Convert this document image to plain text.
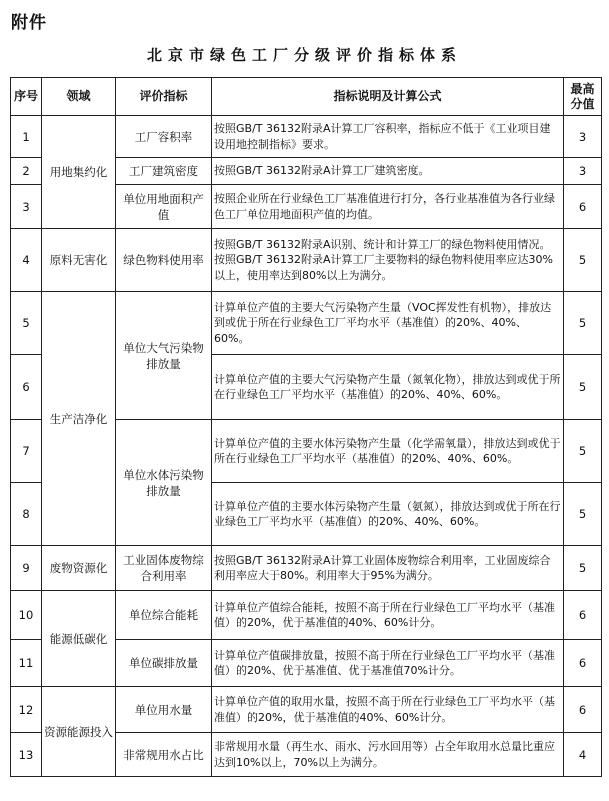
附件
北京市绿色工厂分级评价指标体系
序号	领域	评价指标	指标说明及计算公式	最高分值
1	用地集约化	工厂容积率	按照GB/T 36132附录A计算工厂容积率，指标应不低于《工业项目建设用地控制指标》要求。	3
2		工厂建筑密度	按照GB/T 36132附录A计算工厂建筑密度。	3
3		单位用地面积产值	按照企业所在行业绿色工厂基准值进行打分，各行业基准值为各行业绿色工厂单位用地面积产值的均值。	6
4	原料无害化	绿色物料使用率	按照GB/T 36132附录A识别、统计和计算工厂的绿色物料使用情况。按照GB/T 36132附录A计算工厂主要物料的绿色物料使用率应达30%以上，使用率达到80%以上为满分。	5
5	生产洁净化	单位大气污染物排放量	计算单位产值的主要大气污染物产生量（VOC挥发性有机物），排放达到或优于所在行业绿色工厂平均水平（基准值）的20%、40%、60%。	5
6			计算单位产值的主要大气污染物产生量（氮氧化物），排放达到或优于所在行业绿色工厂平均水平（基准值）的20%、40%、60%。	5
7		单位水体污染物排放量	计算单位产值的主要水体污染物产生量（化学需氧量），排放达到或优于所在行业绿色工厂平均水平（基准值）的20%、40%、60%。	5
8			计算单位产值的主要水体污染物产生量（氨氮），排放达到或优于所在行业绿色工厂平均水平（基准值）的20%、40%、60%。	5
9	废物资源化	工业固体废物综合利用率	按照GB/T 36132附录A计算工业固体废物综合利用率，工业固废综合利用率应大于80%。利用率大于95%为满分。	5
10	能源低碳化	单位综合能耗	计算单位产值综合能耗，按照不高于所在行业绿色工厂平均水平（基准值）的20%，优于基准值的40%、60%计分。	6
11		单位碳排放量	计算单位产值碳排放量，按照不高于所在行业绿色工厂平均水平（基准值）的20%、优于基准值、优于基准值70%计分。	6
12	资源能源投入	单位用水量	计算单位产值的取用水量，按照不高于所在行业绿色工厂平均水平（基准值）的20%，优于基准值的40%、60%计分。	6
13		非常规用水占比	非常规用水量（再生水、雨水、污水回用等）占全年取用水总量比重应达到10%以上，70%以上为满分。	4
